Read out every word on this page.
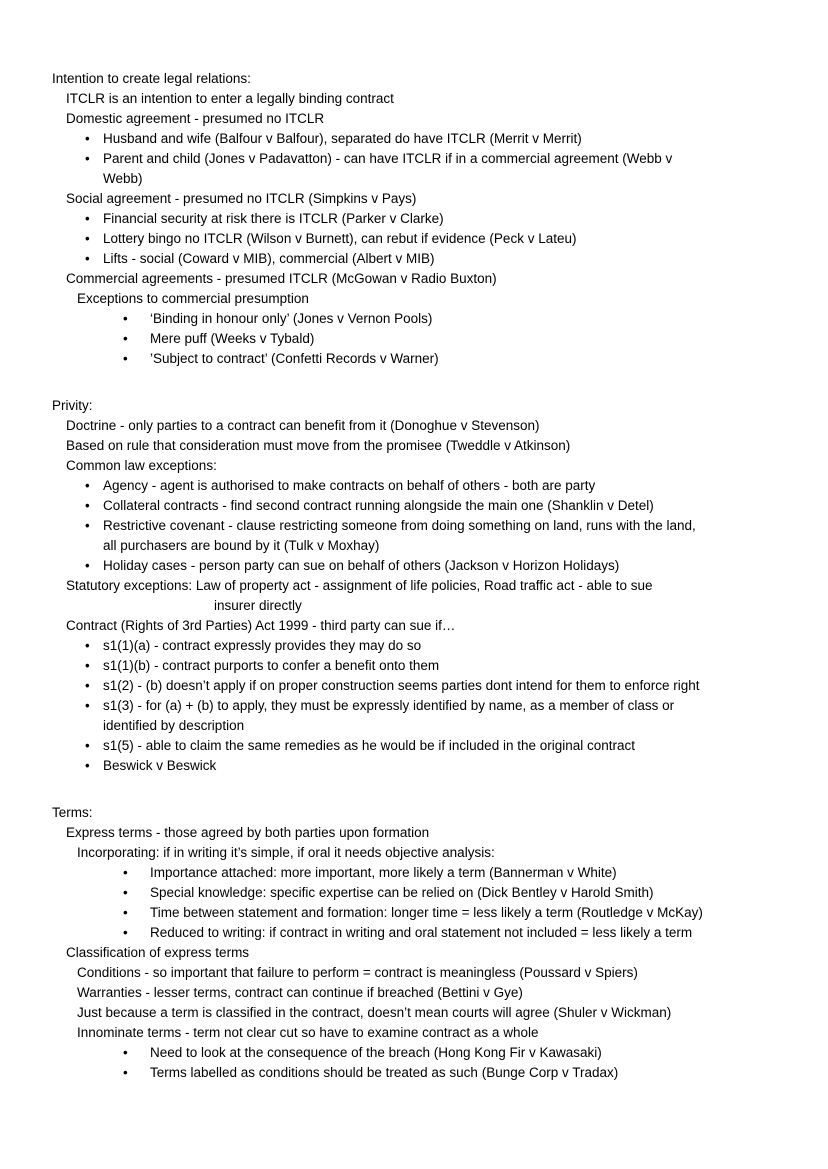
Intention to create legal relations:
ITCLR is an intention to enter a legally binding contract
Domestic agreement - presumed no ITCLR
• Husband and wife (Balfour v Balfour), separated do have ITCLR (Merrit v Merrit)
• Parent and child (Jones v Padavatton) - can have ITCLR if in a commercial agreement (Webb v
Webb)
Social agreement - presumed no ITCLR (Simpkins v Pays)
• Financial security at risk there is ITCLR (Parker v Clarke)
• Lottery bingo no ITCLR (Wilson v Burnett), can rebut if evidence (Peck v Lateu)
• Lifts - social (Coward v MIB), commercial (Albert v MIB)
Commercial agreements - presumed ITCLR (McGowan v Radio Buxton)
Exceptions to commercial presumption
• ‘Binding in honour only’ (Jones v Vernon Pools)
• Mere puff (Weeks v Tybald)
• ’Subject to contract’ (Confetti Records v Warner)
Privity:
Doctrine - only parties to a contract can benefit from it (Donoghue v Stevenson)
Based on rule that consideration must move from the promisee (Tweddle v Atkinson)
Common law exceptions:
• Agency - agent is authorised to make contracts on behalf of others - both are party
• Collateral contracts - find second contract running alongside the main one (Shanklin v Detel)
• Restrictive covenant - clause restricting someone from doing something on land, runs with the land,
all purchasers are bound by it (Tulk v Moxhay)
• Holiday cases - person party can sue on behalf of others (Jackson v Horizon Holidays)
Statutory exceptions: Law of property act - assignment of life policies, Road traffic act - able to sue
insurer directly
Contract (Rights of 3rd Parties) Act 1999 - third party can sue if…
• s1(1)(a) - contract expressly provides they may do so
• s1(1)(b) - contract purports to confer a benefit onto them
• s1(2) - (b) doesn’t apply if on proper construction seems parties dont intend for them to enforce right
• s1(3) - for (a) + (b) to apply, they must be expressly identified by name, as a member of class or
identified by description
• s1(5) - able to claim the same remedies as he would be if included in the original contract
• Beswick v Beswick
Terms:
Express terms - those agreed by both parties upon formation
Incorporating: if in writing it’s simple, if oral it needs objective analysis:
• Importance attached: more important, more likely a term (Bannerman v White)
• Special knowledge: specific expertise can be relied on (Dick Bentley v Harold Smith)
• Time between statement and formation: longer time = less likely a term (Routledge v McKay)
• Reduced to writing: if contract in writing and oral statement not included = less likely a term
Classification of express terms
Conditions - so important that failure to perform = contract is meaningless (Poussard v Spiers)
Warranties - lesser terms, contract can continue if breached (Bettini v Gye)
Just because a term is classified in the contract, doesn’t mean courts will agree (Shuler v Wickman)
Innominate terms - term not clear cut so have to examine contract as a whole
• Need to look at the consequence of the breach (Hong Kong Fir v Kawasaki)
• Terms labelled as conditions should be treated as such (Bunge Corp v Tradax)
